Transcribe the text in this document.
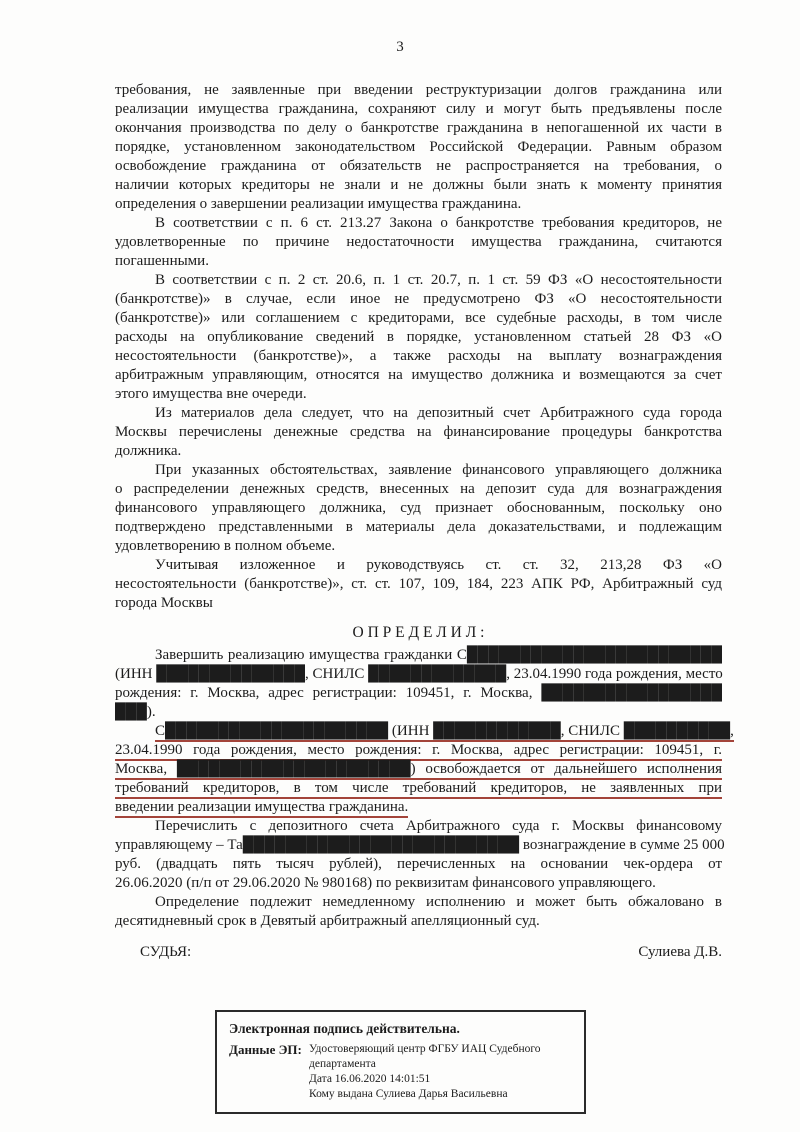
3
требования, не заявленные при введении реструктуризации долгов гражданина или
реализации имущества гражданина, сохраняют силу и могут быть предъявлены после
окончания производства по делу о банкротстве гражданина в непогашенной их части в
порядке, установленном законодательством Российской Федерации. Равным образом
освобождение гражданина от обязательств не распространяется на требования, о
наличии которых кредиторы не знали и не должны были знать к моменту принятия
определения о завершении реализации имущества гражданина.
В соответствии с п. 6 ст. 213.27 Закона о банкротстве требования кредиторов, не
удовлетворенные по причине недостаточности имущества гражданина, считаются
погашенными.
В соответствии с п. 2 ст. 20.6, п. 1 ст. 20.7, п. 1 ст. 59 ФЗ «О несостоятельности
(банкротстве)» в случае, если иное не предусмотрено ФЗ «О несостоятельности
(банкротстве)» или соглашением с кредиторами, все судебные расходы, в том числе
расходы на опубликование сведений в порядке, установленном статьей 28 ФЗ «О
несостоятельности (банкротстве)», а также расходы на выплату вознаграждения
арбитражным управляющим, относятся на имущество должника и возмещаются за счет
этого имущества вне очереди.
Из материалов дела следует, что на депозитный счет Арбитражного суда города
Москвы перечислены денежные средства на финансирование процедуры банкротства
должника.
При указанных обстоятельствах, заявление финансового управляющего должника
о распределении денежных средств, внесенных на депозит суда для вознаграждения
финансового управляющего должника, суд признает обоснованным, поскольку оно
подтверждено представленными в материалы дела доказательствами, и подлежащим
удовлетворению в полном объеме.
Учитывая изложенное и руководствуясь ст. ст. 32, 213,28 ФЗ «О
несостоятельности (банкротстве)», ст. ст. 107, 109, 184, 223 АПК РФ, Арбитражный суд
города Москвы
О П Р Е Д Е Л И Л :
Завершить реализацию имущества гражданки С████████████████████████
(ИНН ██████████████, СНИЛС █████████████, 23.04.1990 года рождения, место
рождения: г. Москва, адрес регистрации: 109451, г. Москва, █████████████████
███).
С█████████████████████ (ИНН ████████████, СНИЛС ██████████,
23.04.1990 года рождения, место рождения: г. Москва, адрес регистрации: 109451, г.
Москва, ██████████████████████) освобождается от дальнейшего исполнения
требований кредиторов, в том числе требований кредиторов, не заявленных при
введении реализации имущества гражданина.
Перечислить с депозитного счета Арбитражного суда г. Москвы финансовому
управляющему – Та██████████████████████████ вознаграждение в сумме 25 000
руб. (двадцать пять тысяч рублей), перечисленных на основании чек-ордера от
26.06.2020 (п/п от 29.06.2020 № 980168) по реквизитам финансового управляющего.
Определение подлежит немедленному исполнению и может быть обжаловано в
десятидневный срок в Девятый арбитражный апелляционный суд.
СУДЬЯ:	Сулиева Д.В.
Электронная подпись действительна.
Данные ЭП: Удостоверяющий центр ФГБУ ИАЦ Судебного
департамента
Дата 16.06.2020 14:01:51
Кому выдана Сулиева Дарья Васильевна
